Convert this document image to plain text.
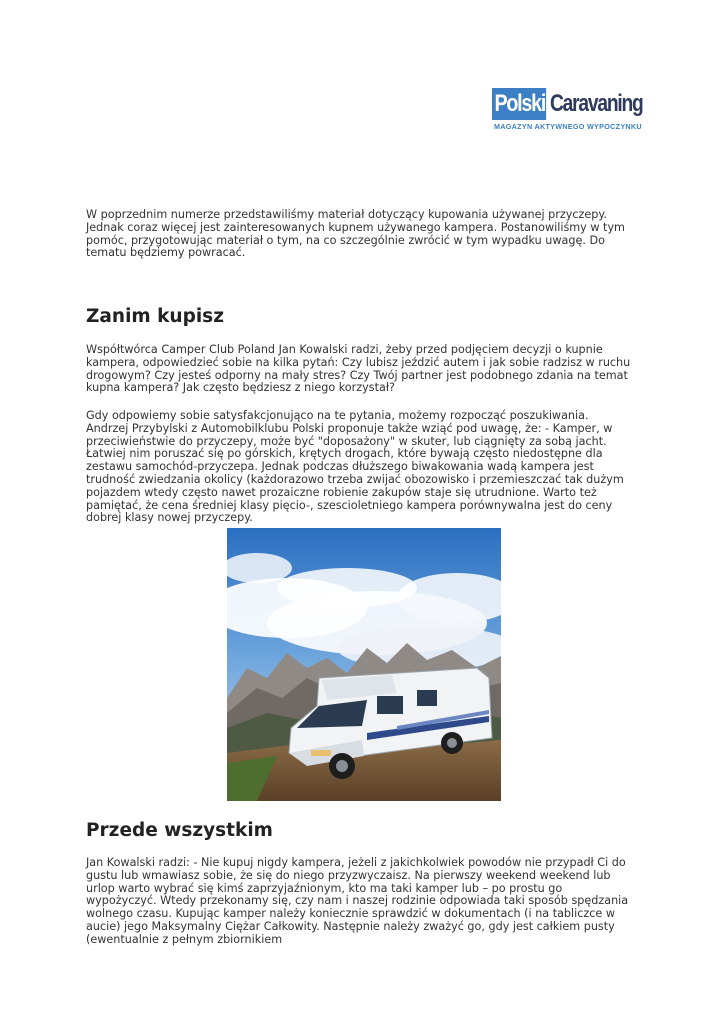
Polski Caravaning
MAGAZYN AKTYWNEGO WYPOCZYNKU

W poprzednim numerze przedstawiliśmy materiał dotyczący kupowania używanej przyczepy. Jednak coraz więcej jest zainteresowanych kupnem używanego kampera. Postanowiliśmy w tym pomóc, przygotowując materiał o tym, na co szczególnie zwrócić w tym wypadku uwagę. Do tematu będziemy powracać.

Zanim kupisz

Współtwórca Camper Club Poland Jan Kowalski radzi, żeby przed podjęciem decyzji o kupnie kampera, odpowiedzieć sobie na kilka pytań: Czy lubisz jeździć autem i jak sobie radzisz w ruchu drogowym? Czy jesteś odporny na mały stres? Czy Twój partner jest podobnego zdania na temat kupna kampera? Jak często będziesz z niego korzystał?

Gdy odpowiemy sobie satysfakcjonująco na te pytania, możemy rozpocząć poszukiwania. Andrzej Przybylski z Automobilklubu Polski proponuje także wziąć pod uwagę, że: - Kamper, w przeciwieństwie do przyczepy, może być "doposażony" w skuter, lub ciągnięty za sobą jacht. Łatwiej nim poruszać się po górskich, krętych drogach, które bywają często niedostępne dla zestawu samochód-przyczepa. Jednak podczas dłuższego biwakowania wadą kampera jest trudność zwiedzania okolicy (każdorazowo trzeba zwijać obozowisko i przemieszczać tak dużym pojazdem wtedy często nawet prozaiczne robienie zakupów staje się utrudnione. Warto też pamiętać, że cena średniej klasy pięcio-, szescioletniego kampera porównywalna jest do ceny dobrej klasy nowej przyczepy.

Przede wszystkim

Jan Kowalski radzi: - Nie kupuj nigdy kampera, jeżeli z jakichkolwiek powodów nie przypadł Ci do gustu lub wmawiasz sobie, że się do niego przyzwyczaisz. Na pierwszy weekend weekend lub urlop warto wybrać się kimś zaprzyjaźnionym, kto ma taki kamper lub – po prostu go wypożyczyć. Wtedy przekonamy się, czy nam i naszej rodzinie odpowiada taki sposób spędzania wolnego czasu. Kupując kamper należy koniecznie sprawdzić w dokumentach (i na tabliczce w aucie) jego Maksymalny Ciężar Całkowity. Następnie należy zważyć go, gdy jest całkiem pusty (ewentualnie z pełnym zbiornikiem
